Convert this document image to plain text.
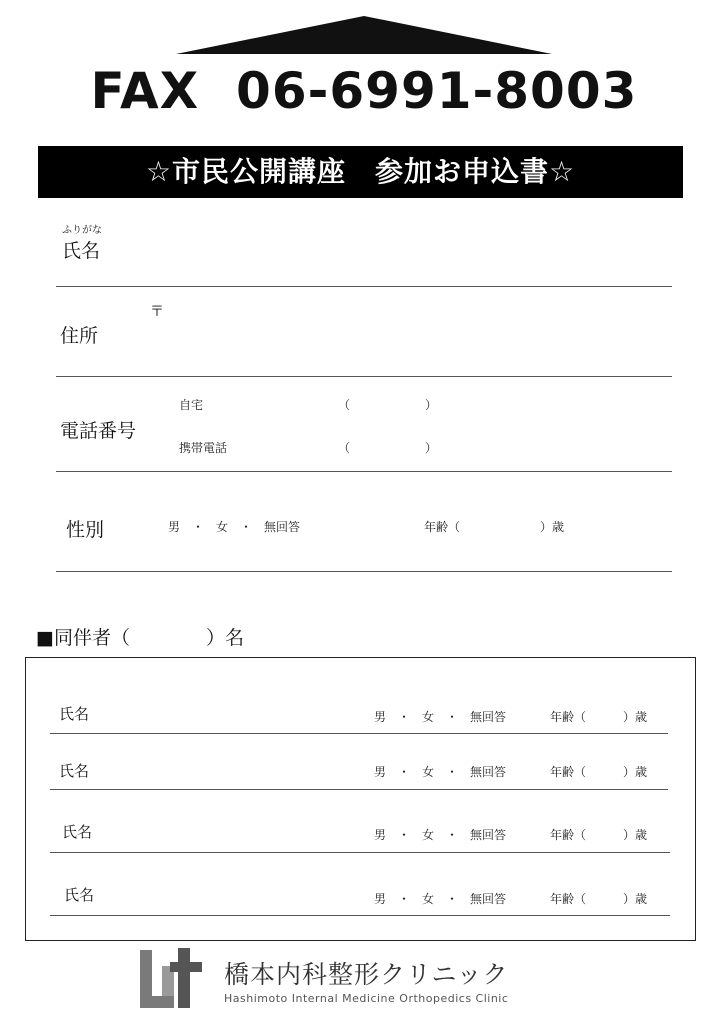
FAX  06-6991-8003
☆市民公開講座　参加お申込書☆
ふりがな
氏名
〒
住所
電話番号
自宅	（	）
携帯電話	（	）
性別	男　・　女　・　無回答	年齢（	）歳
■同伴者（　　　　）名
氏名	男　・　女　・　無回答	年齢（	）歳
氏名	男　・　女　・　無回答	年齢（	）歳
氏名	男　・　女　・　無回答	年齢（	）歳
氏名	男　・　女　・　無回答	年齢（	）歳
橋本内科整形クリニック
Hashimoto Internal Medicine Orthopedics Clinic
